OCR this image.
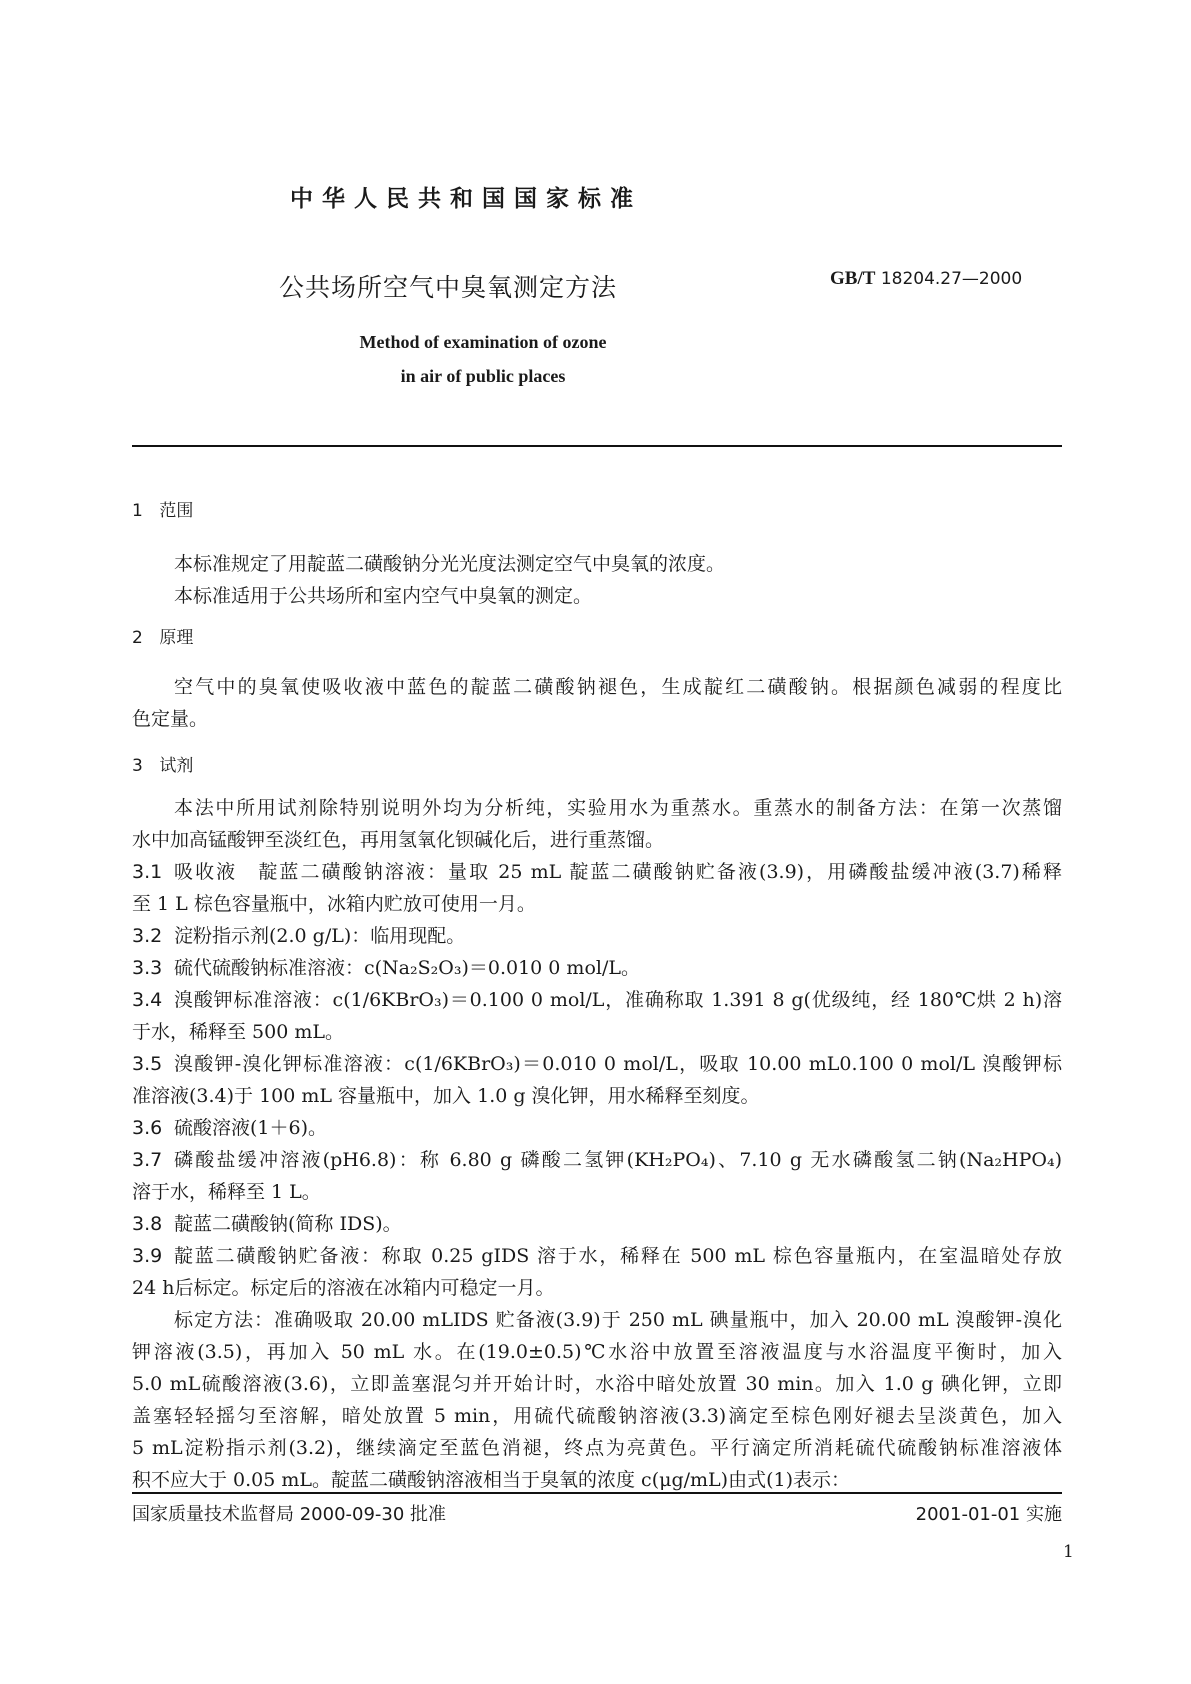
中华人民共和国国家标准
公共场所空气中臭氧测定方法	GB/T 18204.27—2000
Method of examination of ozone
in air of public places
1 范围
本标准规定了用靛蓝二磺酸钠分光光度法测定空气中臭氧的浓度。
本标准适用于公共场所和室内空气中臭氧的测定。
2 原理
空气中的臭氧使吸收液中蓝色的靛蓝二磺酸钠褪色，生成靛红二磺酸钠。根据颜色减弱的程度比
色定量。
3 试剂
本法中所用试剂除特别说明外均为分析纯，实验用水为重蒸水。重蒸水的制备方法：在第一次蒸馏
水中加高锰酸钾至淡红色，再用氢氧化钡碱化后，进行重蒸馏。
3.1 吸收液　靛蓝二磺酸钠溶液：量取 25 mL 靛蓝二磺酸钠贮备液(3.9)，用磷酸盐缓冲液(3.7)稀释
至 1 L 棕色容量瓶中，冰箱内贮放可使用一月。
3.2 淀粉指示剂(2.0 g/L)：临用现配。
3.3 硫代硫酸钠标准溶液：c(Na₂S₂O₃)＝0.010 0 mol/L。
3.4 溴酸钾标准溶液：c(1/6KBrO₃)＝0.100 0 mol/L，准确称取 1.391 8 g(优级纯，经 180℃烘 2 h)溶
于水，稀释至 500 mL。
3.5 溴酸钾-溴化钾标准溶液：c(1/6KBrO₃)＝0.010 0 mol/L，吸取 10.00 mL0.100 0 mol/L 溴酸钾标
准溶液(3.4)于 100 mL 容量瓶中，加入 1.0 g 溴化钾，用水稀释至刻度。
3.6 硫酸溶液(1＋6)。
3.7 磷酸盐缓冲溶液(pH6.8)：称 6.80 g 磷酸二氢钾(KH₂PO₄)、7.10 g 无水磷酸氢二钠(Na₂HPO₄)
溶于水，稀释至 1 L。
3.8 靛蓝二磺酸钠(简称 IDS)。
3.9 靛蓝二磺酸钠贮备液：称取 0.25 gIDS 溶于水，稀释在 500 mL 棕色容量瓶内，在室温暗处存放
24 h后标定。标定后的溶液在冰箱内可稳定一月。
标定方法：准确吸取 20.00 mLIDS 贮备液(3.9)于 250 mL 碘量瓶中，加入 20.00 mL 溴酸钾-溴化
钾溶液(3.5)，再加入 50 mL 水。在(19.0±0.5)℃水浴中放置至溶液温度与水浴温度平衡时，加入
5.0 mL硫酸溶液(3.6)，立即盖塞混匀并开始计时，水浴中暗处放置 30 min。加入 1.0 g 碘化钾，立即
盖塞轻轻摇匀至溶解，暗处放置 5 min，用硫代硫酸钠溶液(3.3)滴定至棕色刚好褪去呈淡黄色，加入
5 mL淀粉指示剂(3.2)，继续滴定至蓝色消褪，终点为亮黄色。平行滴定所消耗硫代硫酸钠标准溶液体
积不应大于 0.05 mL。靛蓝二磺酸钠溶液相当于臭氧的浓度 c(μg/mL)由式(1)表示：
国家质量技术监督局 2000-09-30 批准	2001-01-01 实施
1
